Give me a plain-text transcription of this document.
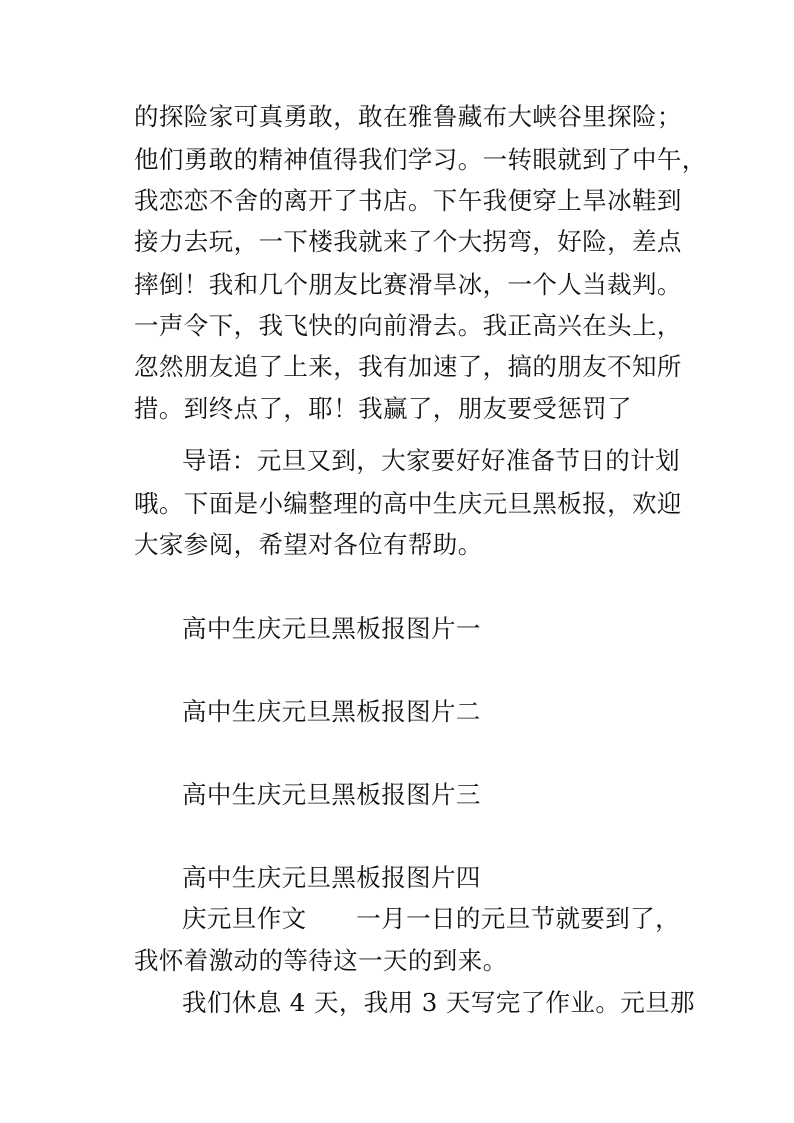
的探险家可真勇敢，敢在雅鲁藏布大峡谷里探险；
他们勇敢的精神值得我们学习。一转眼就到了中午，
我恋恋不舍的离开了书店。下午我便穿上旱冰鞋到
接力去玩，一下楼我就来了个大拐弯，好险，差点
摔倒！我和几个朋友比赛滑旱冰，一个人当裁判。
一声令下，我飞快的向前滑去。我正高兴在头上，
忽然朋友追了上来，我有加速了，搞的朋友不知所
措。到终点了，耶！我赢了，朋友要受惩罚了
导语：元旦又到，大家要好好准备节日的计划
哦。下面是小编整理的高中生庆元旦黑板报，欢迎
大家参阅，希望对各位有帮助。
高中生庆元旦黑板报图片一
高中生庆元旦黑板报图片二
高中生庆元旦黑板报图片三
高中生庆元旦黑板报图片四
庆元旦作文　　一月一日的元旦节就要到了，
我怀着激动的等待这一天的到来。
我们休息 4 天，我用 3 天写完了作业。元旦那
